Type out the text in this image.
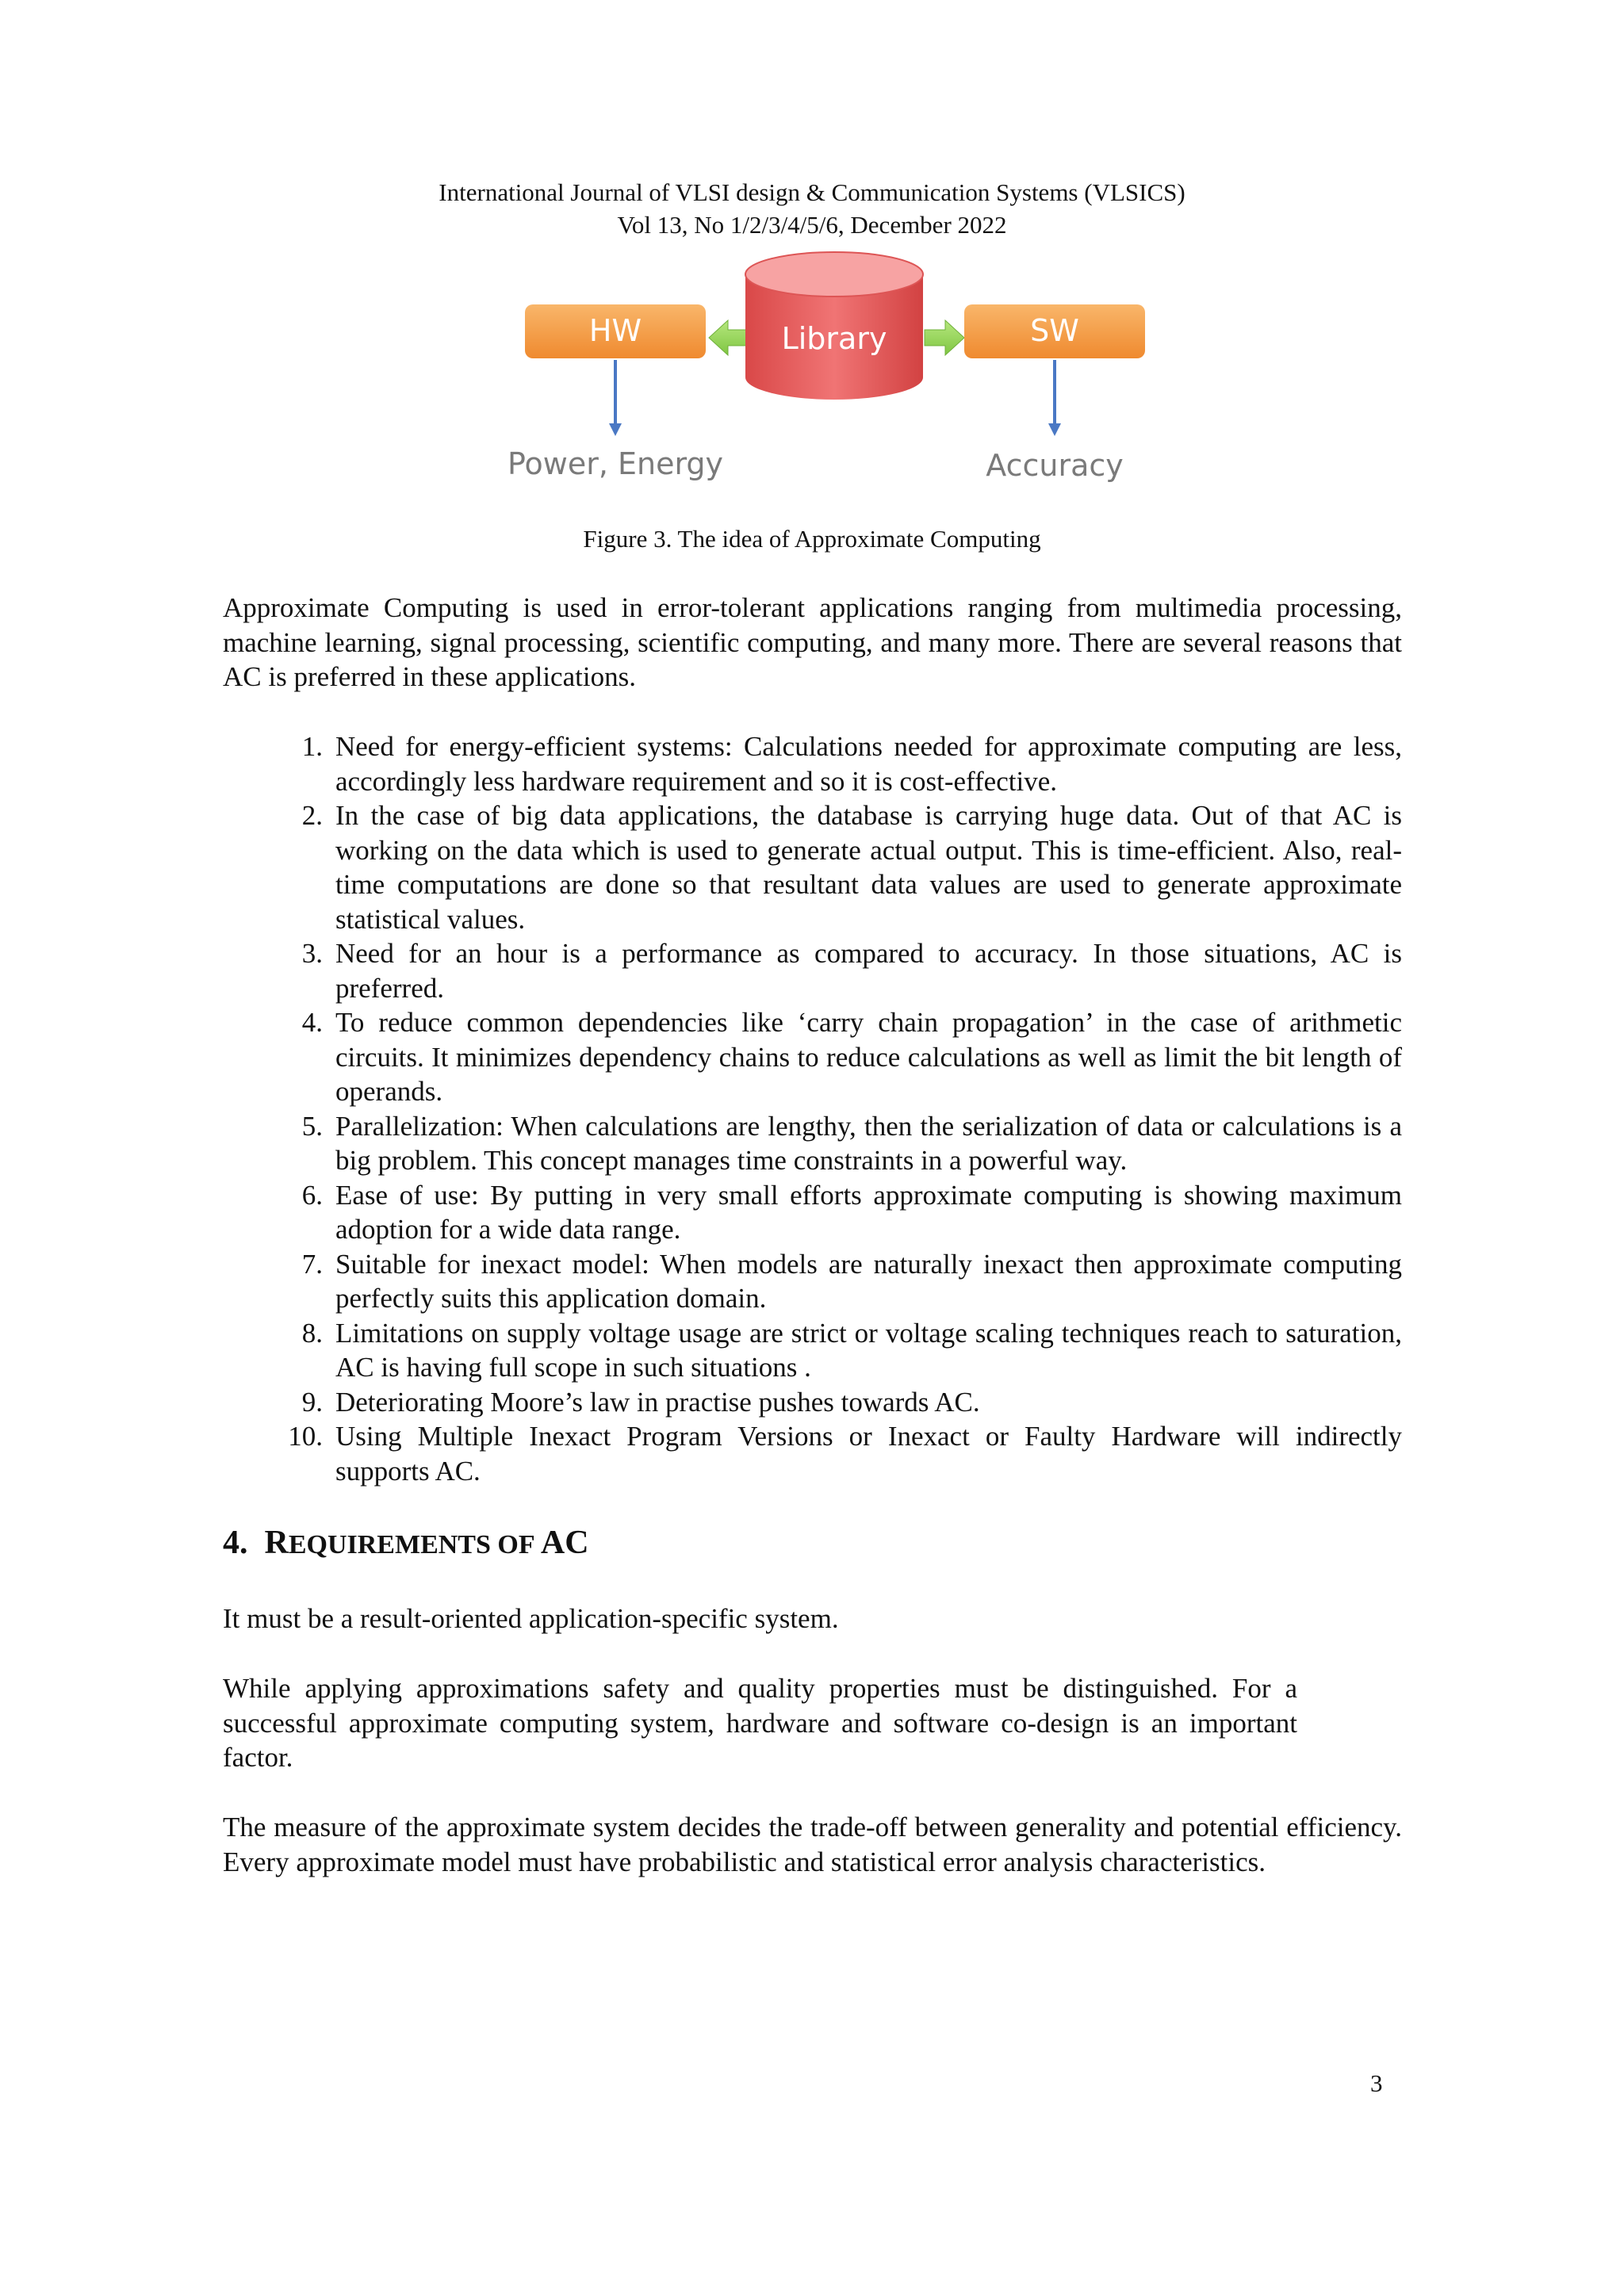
International Journal of VLSI design & Communication Systems (VLSICS)
Vol 13, No 1/2/3/4/5/6, December 2022
HW	Library	SW
Power, Energy	Accuracy
Figure 3. The idea of Approximate Computing

Approximate Computing is used in error-tolerant applications ranging from multimedia processing, machine learning, signal processing, scientific computing, and many more. There are several reasons that AC is preferred in these applications.

1. Need for energy-efficient systems: Calculations needed for approximate computing are less, accordingly less hardware requirement and so it is cost-effective.
2. In the case of big data applications, the database is carrying huge data. Out of that AC is working on the data which is used to generate actual output. This is time-efficient. Also, real-time computations are done so that resultant data values are used to generate approximate statistical values.
3. Need for an hour is a performance as compared to accuracy. In those situations, AC is preferred.
4. To reduce common dependencies like ‘carry chain propagation’ in the case of arithmetic circuits. It minimizes dependency chains to reduce calculations as well as limit the bit length of operands.
5. Parallelization: When calculations are lengthy, then the serialization of data or calculations is a big problem. This concept manages time constraints in a powerful way.
6. Ease of use: By putting in very small efforts approximate computing is showing maximum adoption for a wide data range.
7. Suitable for inexact model: When models are naturally inexact then approximate computing perfectly suits this application domain.
8. Limitations on supply voltage usage are strict or voltage scaling techniques reach to saturation, AC is having full scope in such situations .
9. Deteriorating Moore’s law in practise pushes towards AC.
10. Using Multiple Inexact Program Versions or Inexact or Faulty Hardware will indirectly supports AC.
4. REQUIREMENTS OF AC

It must be a result-oriented application-specific system.

While applying approximations safety and quality properties must be distinguished. For a successful approximate computing system, hardware and software co-design is an important factor.

The measure of the approximate system decides the trade-off between generality and potential efficiency. Every approximate model must have probabilistic and statistical error analysis characteristics.

3
